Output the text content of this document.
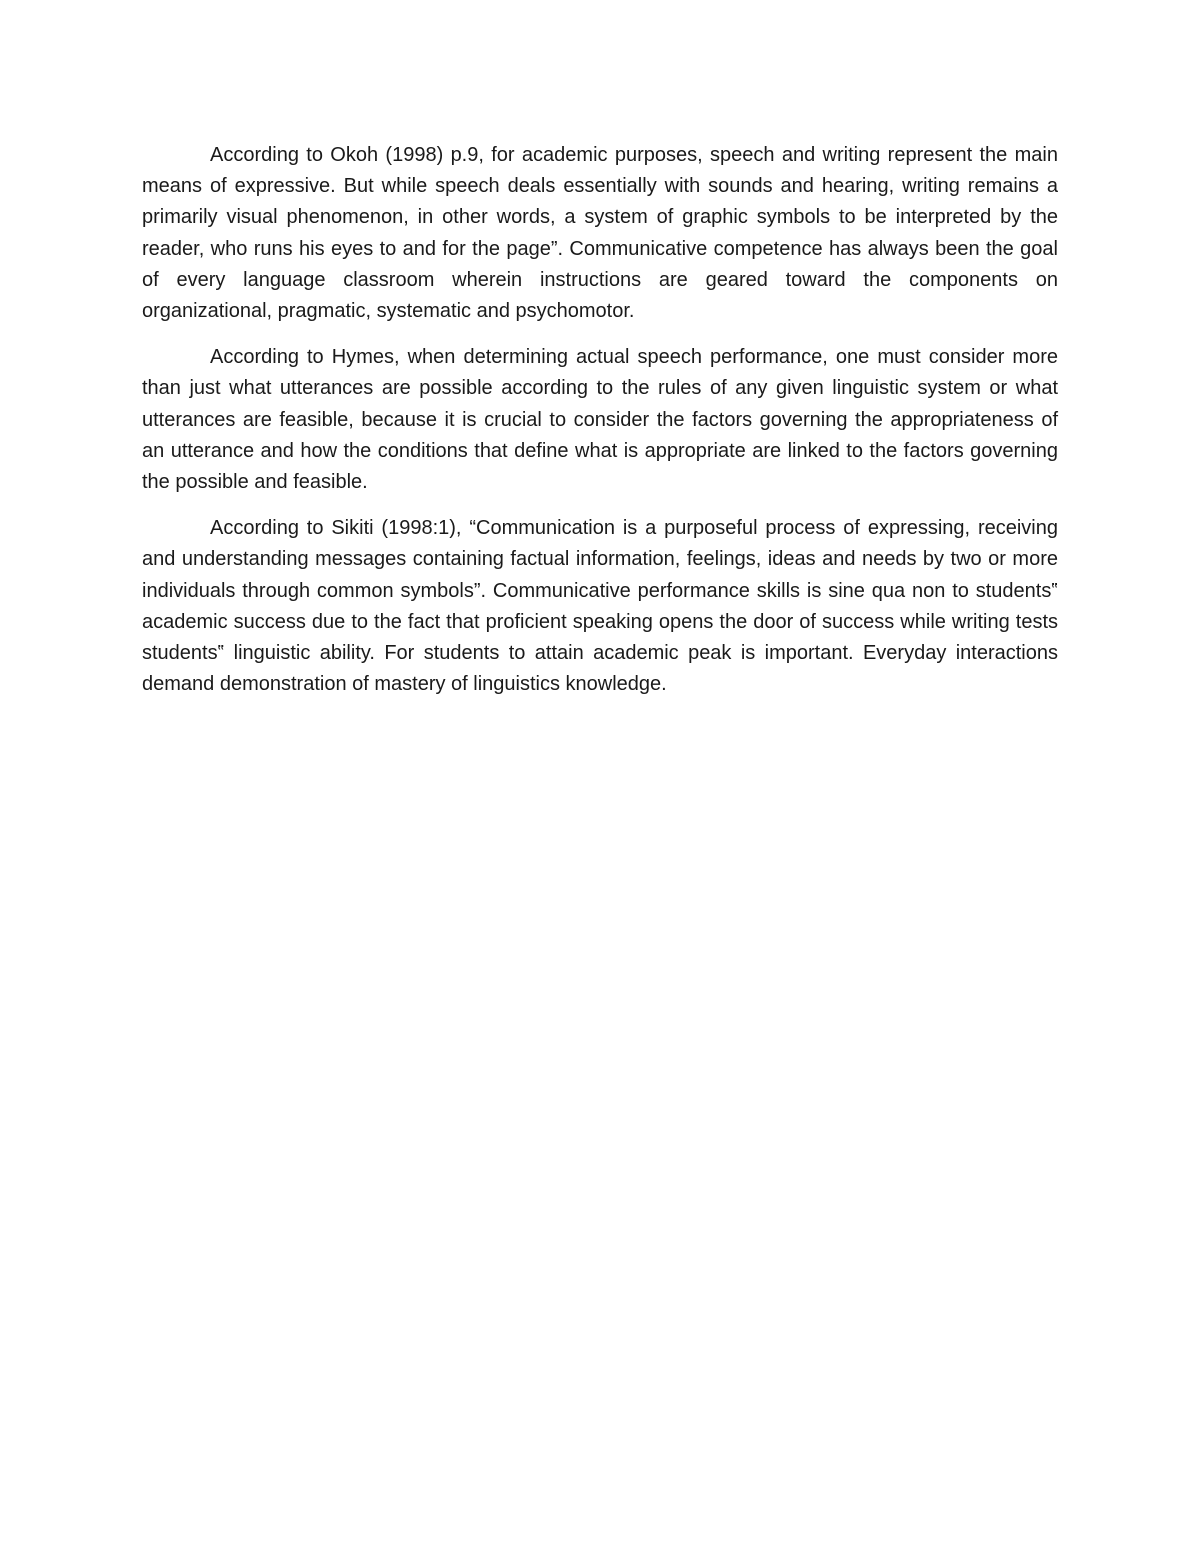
According to Okoh (1998) p.9, for academic purposes, speech and writing represent the main means of expressive. But while speech deals essentially with sounds and hearing, writing remains a primarily visual phenomenon, in other words, a system of graphic symbols to be interpreted by the reader, who runs his eyes to and for the page”. Communicative competence has always been the goal of every language classroom wherein instructions are geared toward the components on organizational, pragmatic, systematic and psychomotor.

According to Hymes, when determining actual speech performance, one must consider more than just what utterances are possible according to the rules of any given linguistic system or what utterances are feasible, because it is crucial to consider the factors governing the appropriateness of an utterance and how the conditions that define what is appropriate are linked to the factors governing the possible and feasible.

According to Sikiti (1998:1), “Communication is a purposeful process of expressing, receiving and understanding messages containing factual information, feelings, ideas and needs by two or more individuals through common symbols”. Communicative performance skills is sine qua non to students‟ academic success due to the fact that proficient speaking opens the door of success while writing tests students‟ linguistic ability. For students to attain academic peak is important. Everyday interactions demand demonstration of mastery of linguistics knowledge.
